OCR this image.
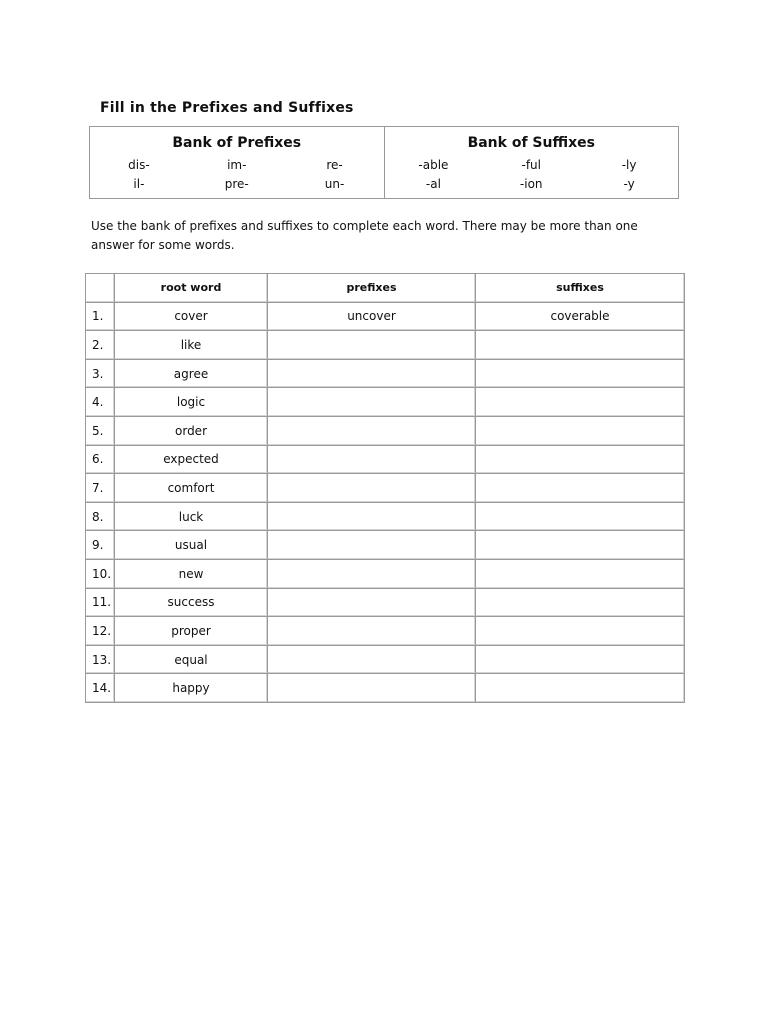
Fill in the Prefixes and Suffixes
Bank of Prefixes
dis-	im-	re-
il-	pre-	un-
Bank of Suffixes
-able	-ful	-ly
-al	-ion	-y
Use the bank of prefixes and suffixes to complete each word. There may be more than one answer for some words.
	root word	prefixes	suffixes
1.	cover	uncover	coverable
2.	like		
3.	agree		
4.	logic		
5.	order		
6.	expected		
7.	comfort		
8.	luck		
9.	usual		
10.	new		
11.	success		
12.	proper		
13.	equal		
14.	happy		
